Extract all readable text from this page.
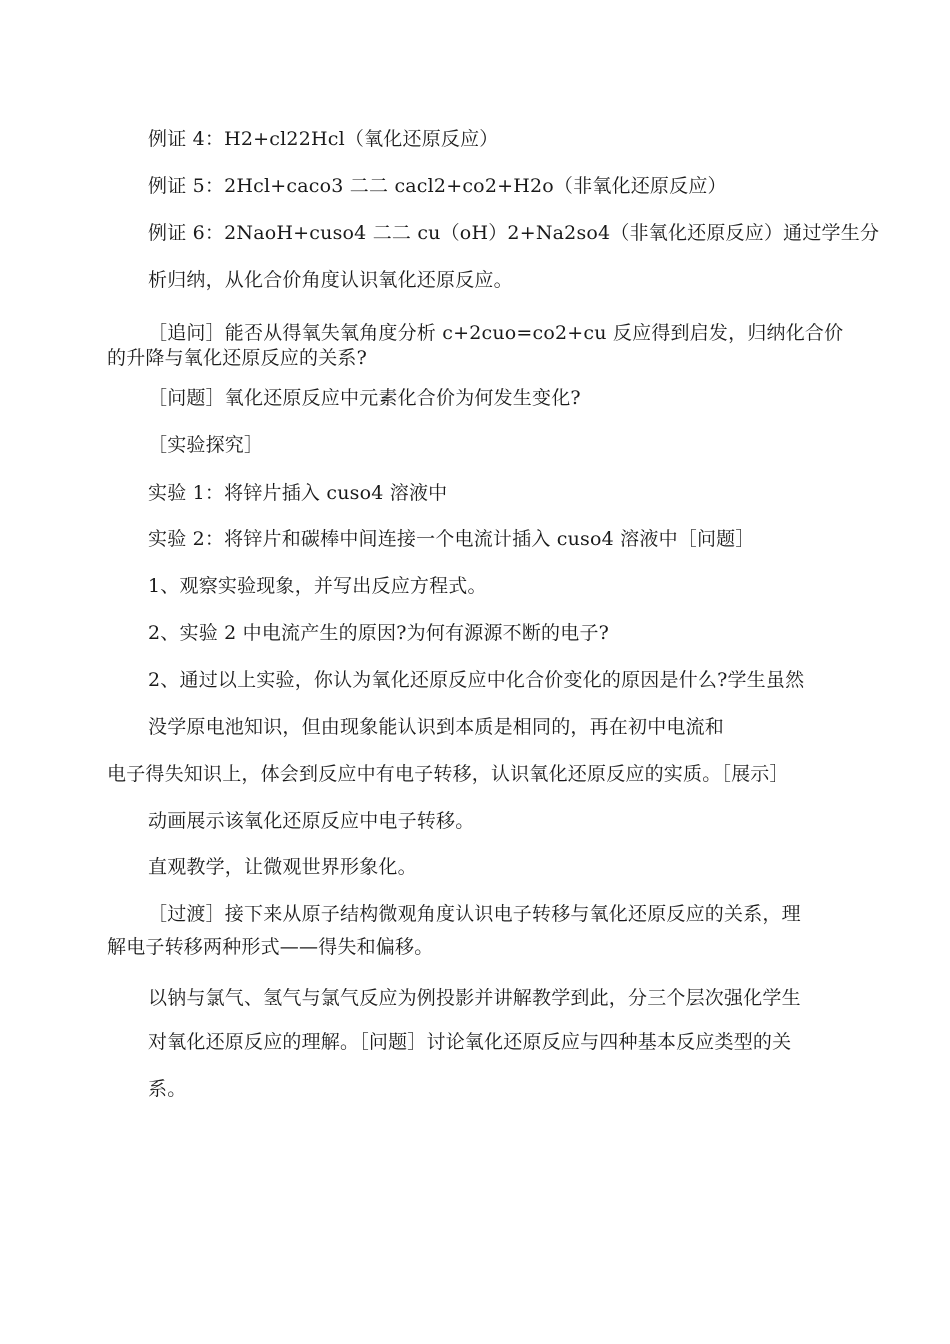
例证 4：H2+cl22Hcl（氧化还原反应）
例证 5：2Hcl+caco3 二二 cacl2+co2+H2o（非氧化还原反应）
例证 6：2NaoH+cuso4 二二 cu（oH）2+Na2so4（非氧化还原反应）通过学生分
析归纳，从化合价角度认识氧化还原反应。
［追问］能否从得氧失氧角度分析 c+2cuo=co2+cu 反应得到启发，归纳化合价
的升降与氧化还原反应的关系?
［问题］氧化还原反应中元素化合价为何发生变化?
［实验探究］
实验 1：将锌片插入 cuso4 溶液中
实验 2：将锌片和碳棒中间连接一个电流计插入 cuso4 溶液中［问题］
1、观察实验现象，并写出反应方程式。
2、实验 2 中电流产生的原因?为何有源源不断的电子?
2、通过以上实验，你认为氧化还原反应中化合价变化的原因是什么?学生虽然
没学原电池知识，但由现象能认识到本质是相同的，再在初中电流和
电子得失知识上，体会到反应中有电子转移，认识氧化还原反应的实质。［展示］
动画展示该氧化还原反应中电子转移。
直观教学，让微观世界形象化。
［过渡］接下来从原子结构微观角度认识电子转移与氧化还原反应的关系，理
解电子转移两种形式——得失和偏移。
以钠与氯气、氢气与氯气反应为例投影并讲解教学到此，分三个层次强化学生
对氧化还原反应的理解。［问题］讨论氧化还原反应与四种基本反应类型的关
系。
